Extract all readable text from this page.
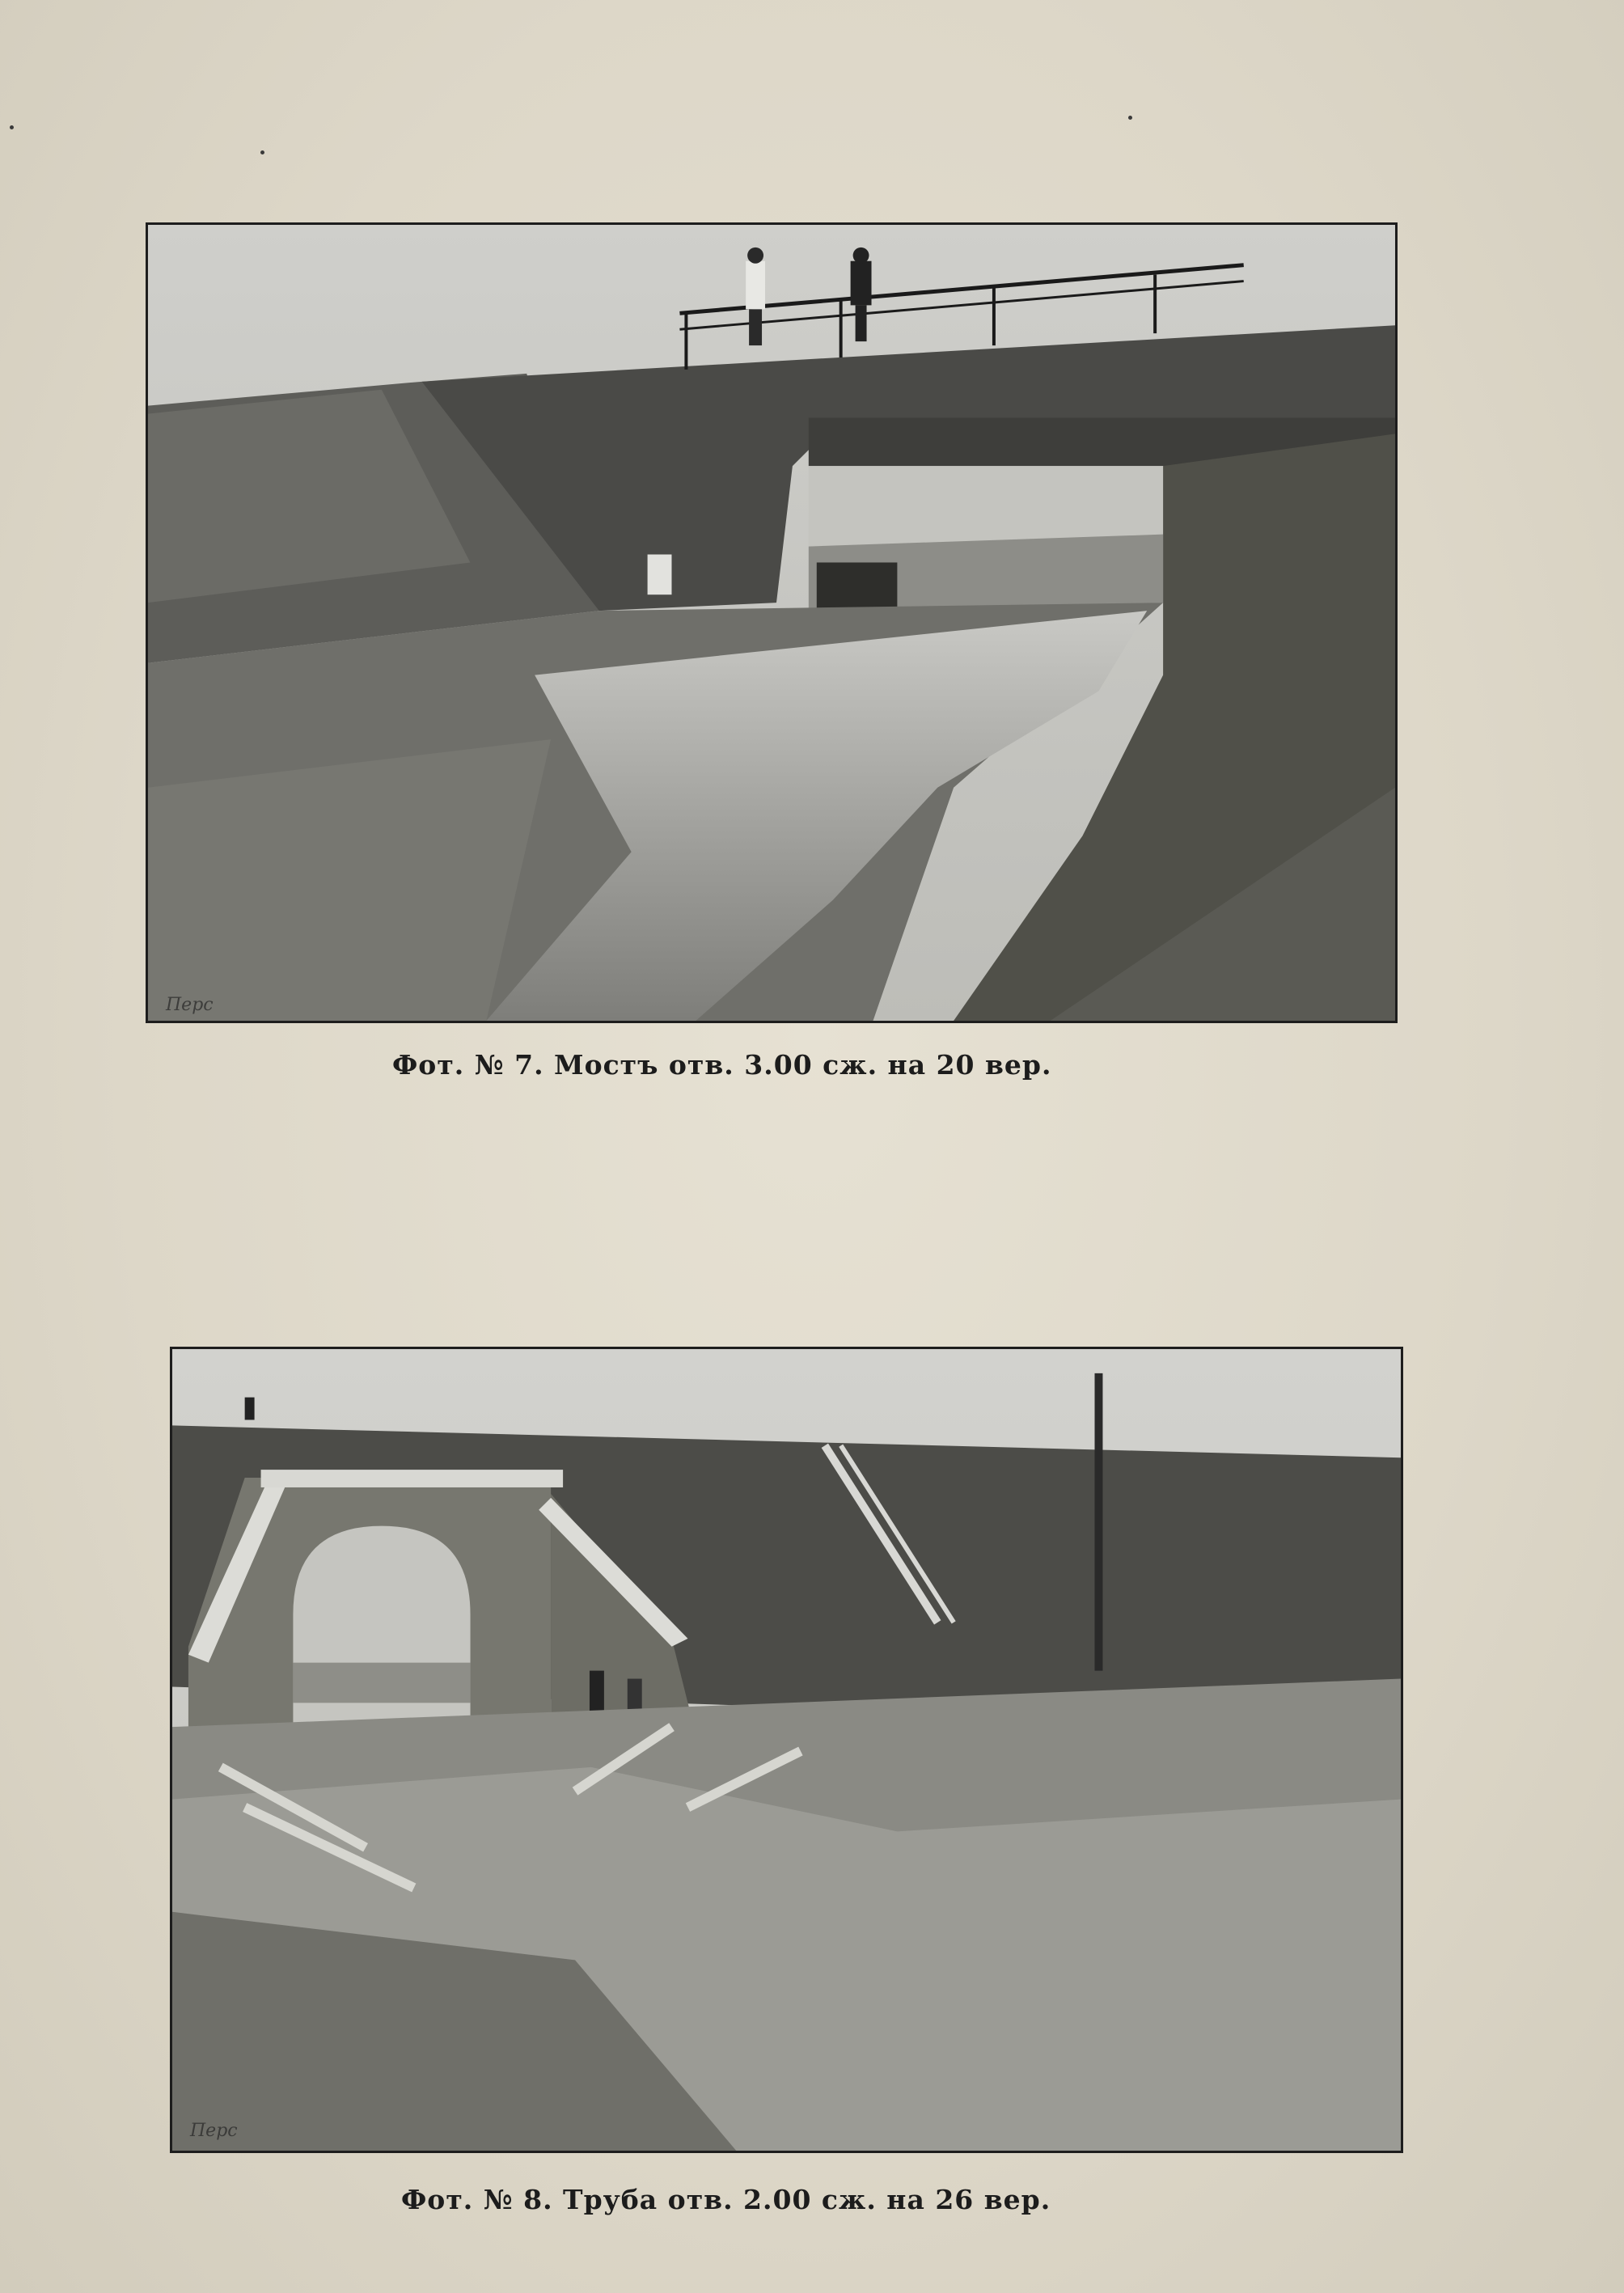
Перс
Фот. № 7. Мостъ отв. 3.00 сж. на 20 вер.
Перс
Фот. № 8. Труба отв. 2.00 сж. на 26 вер.
